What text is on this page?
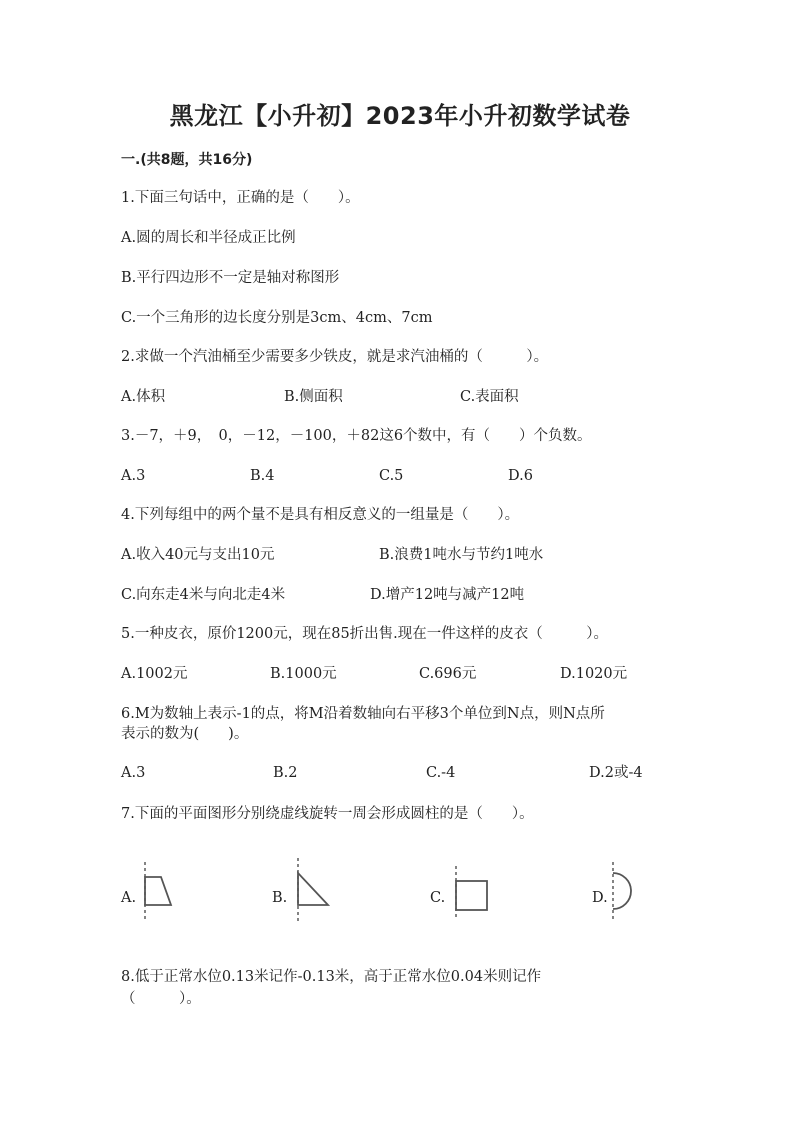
黑龙江【小升初】2023年小升初数学试卷
一.(共8题，共16分)
1.下面三句话中，正确的是（　　）。
A.圆的周长和半径成正比例
B.平行四边形不一定是轴对称图形
C.一个三角形的边长度分别是3cm、4cm、7cm
2.求做一个汽油桶至少需要多少铁皮，就是求汽油桶的（　　　）。
A.体积	B.侧面积	C.表面积
3.－7，＋9，　0，－12，－100，＋82这6个数中，有（　　）个负数。
A.3	B.4	C.5	D.6
4.下列每组中的两个量不是具有相反意义的一组量是（　　）。
A.收入40元与支出10元	B.浪费1吨水与节约1吨水
C.向东走4米与向北走4米	D.增产12吨与减产12吨
5.一种皮衣，原价1200元，现在85折出售.现在一件这样的皮衣（　　　）。
A.1002元	B.1000元	C.696元	D.1020元
6.M为数轴上表示-1的点，将M沿着数轴向右平移3个单位到N点，则N点所
表示的数为(　　)。
A.3	B.2	C.-4	D.2或-4
7.下面的平面图形分别绕虚线旋转一周会形成圆柱的是（　　）。
A.	B.	C.	D.
8.低于正常水位0.13米记作-0.13米，高于正常水位0.04米则记作
（　　　）。
